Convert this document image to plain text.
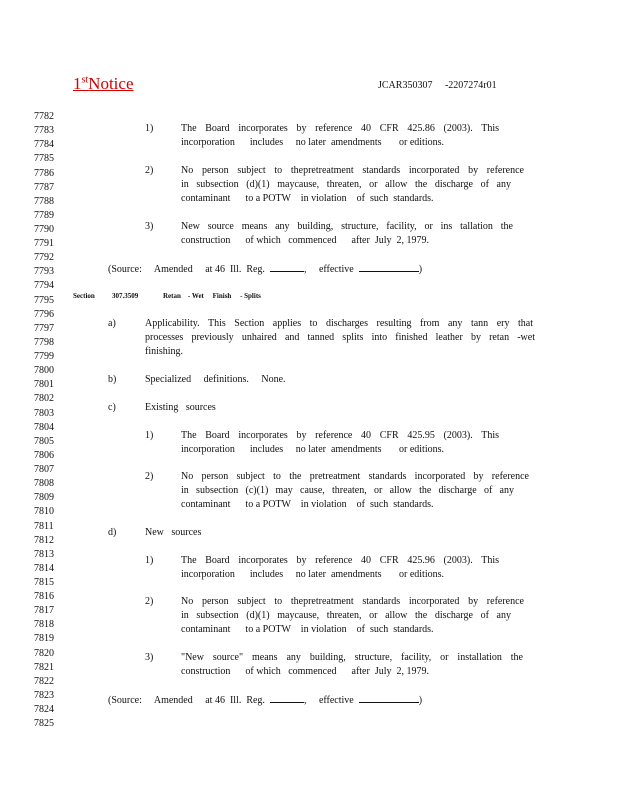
1stNotice	JCAR350307     -2207274r01
7782
7783
7784
7785
7786
7787
7788
7789
7790
7791
7792
7793
7794
7795
7796
7797
7798
7799
7800
7801
7802
7803
7804
7805
7806
7807
7808
7809
7810
7811
7812
7813
7814
7815
7816
7817
7818
7819
7820
7821
7822
7823
7824
7825
1)	The Board incorporates by reference 40 CFR 425.86 (2003). This
incorporation      includes     no later  amendments       or editions.
2)	No person subject to thepretreatment standards incorporated by reference
in subsection (d)(1) maycause, threaten, or allow the discharge of any
contaminant      to a POTW    in violation    of  such  standards.
3)	New source means any building, structure, facility, or ins tallation the
construction      of which   commenced      after  July  2, 1979.
(Source: Amended     at 46  Ill.  Reg.	,     effective	)
Section 307.3509	Retan    - Wet     Finish     - Splits
a)	Applicability. This Section applies to discharges resulting from any tann ery that
processes previously unhaired and tanned splits into finished leather by retan -wet
finishing.
b)	Specialized     definitions.     None.
c)	Existing   sources
1)	The Board incorporates by reference 40 CFR 425.95 (2003). This
incorporation      includes     no later  amendments       or editions.
2)	No person subject to the pretreatment standards incorporated by reference
in subsection (c)(1) may cause, threaten, or allow the discharge of any
contaminant      to a POTW    in violation    of  such  standards.
d)	New   sources
1)	The Board incorporates by reference 40 CFR 425.96 (2003). This
incorporation      includes     no later  amendments       or editions.
2)	No person subject to thepretreatment standards incorporated by reference
in subsection (d)(1) maycause, threaten, or allow the discharge of any
contaminant      to a POTW    in violation    of  such  standards.
3)	"New source" means any building, structure, facility, or installation the
construction      of which   commenced      after  July  2, 1979.
(Source: Amended     at 46  Ill.  Reg.	,     effective	)
